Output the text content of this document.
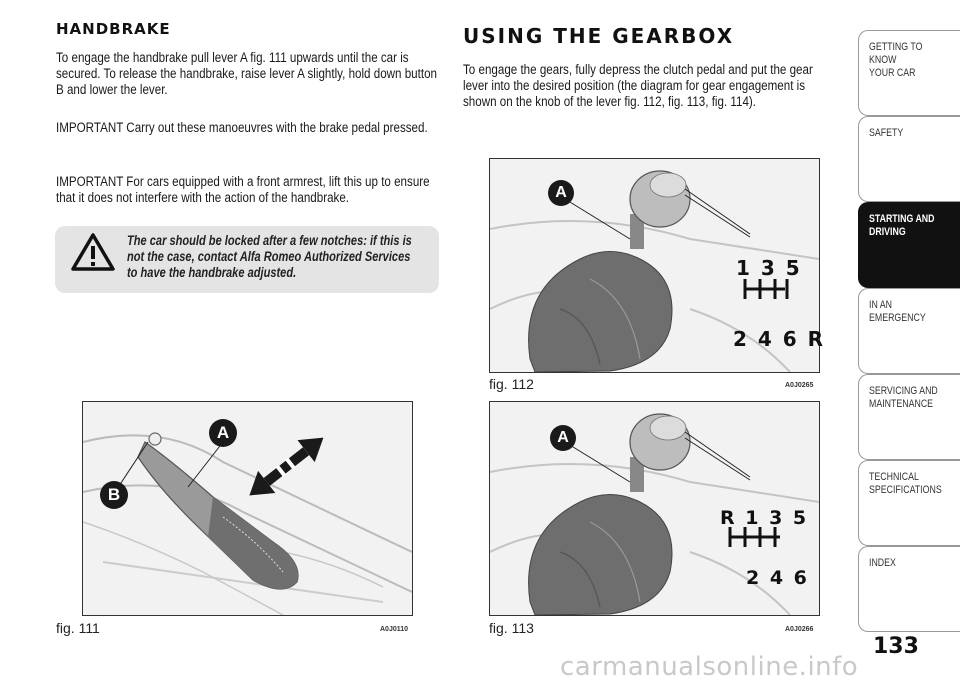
HANDBRAKE
To engage the handbrake pull lever A fig. 111 upwards until the car is secured. To release the handbrake, raise lever A slightly, hold down button B and lower the lever.
IMPORTANT Carry out these manoeuvres with the brake pedal pressed.
IMPORTANT For cars equipped with a front armrest, lift this up to ensure that it does not interfere with the action of the handbrake.
The car should be locked after a few notches: if this is not the case, contact Alfa Romeo Authorized Services to have the handbrake adjusted.
A
B
fig. 111	A0J0110
USING THE GEARBOX
To engage the gears, fully depress the clutch pedal and put the gear lever into the desired position (the diagram for gear engagement is shown on the knob of the lever fig. 112, fig. 113, fig. 114).
A
1 3 5
2 4 6 R
fig. 112	A0J0265
A
R 1 3 5
2 4 6
fig. 113	A0J0266
GETTING TO KNOW
YOUR CAR
SAFETY
STARTING AND
DRIVING
IN AN EMERGENCY
SERVICING AND
MAINTENANCE
TECHNICAL
SPECIFICATIONS
INDEX
133
carmanualsonline.info
